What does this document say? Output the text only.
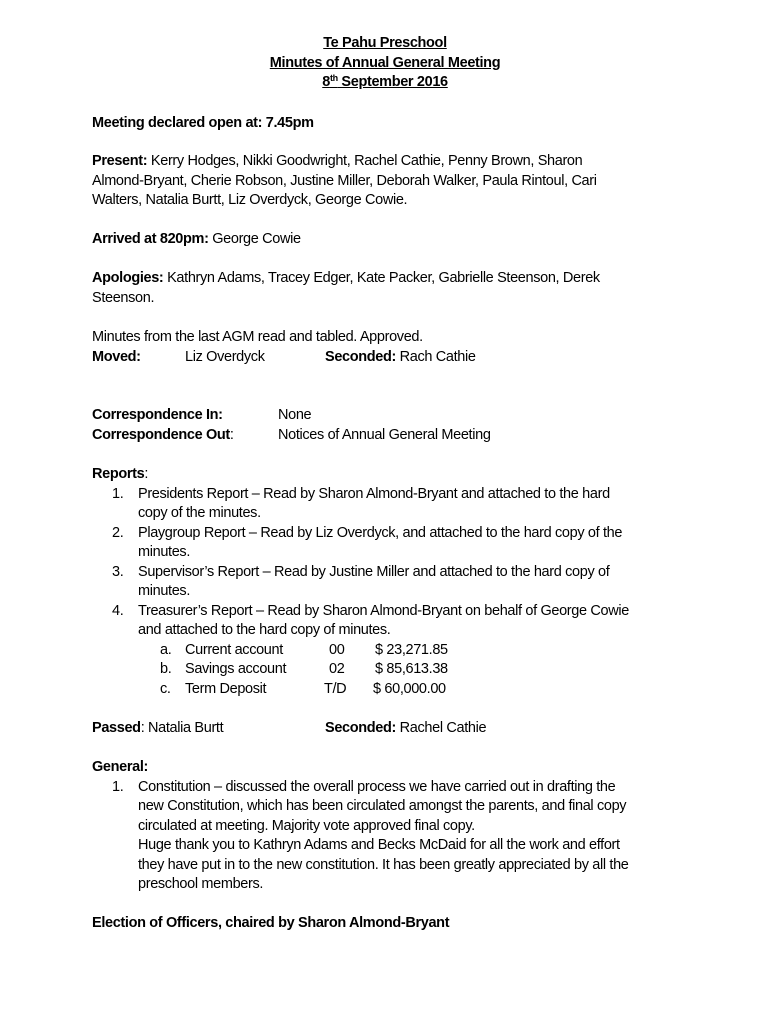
Te Pahu Preschool
Minutes of Annual General Meeting
8th September 2016
Meeting declared open at: 7.45pm
Present: Kerry Hodges, Nikki Goodwright, Rachel Cathie, Penny Brown, Sharon
Almond-Bryant, Cherie Robson, Justine Miller, Deborah Walker, Paula Rintoul, Cari
Walters, Natalia Burtt, Liz Overdyck, George Cowie.
Arrived at 820pm: George Cowie
Apologies: Kathryn Adams, Tracey Edger, Kate Packer, Gabrielle Steenson, Derek
Steenson.
Minutes from the last AGM read and tabled. Approved.
Moved:	Liz Overdyck	Seconded: Rach Cathie
Correspondence In:	None
Correspondence Out:	Notices of Annual General Meeting
Reports:
1. Presidents Report – Read by Sharon Almond-Bryant and attached to the hard
copy of the minutes.
2. Playgroup Report – Read by Liz Overdyck, and attached to the hard copy of the
minutes.
3. Supervisor’s Report – Read by Justine Miller and attached to the hard copy of
minutes.
4. Treasurer’s Report – Read by Sharon Almond-Bryant on behalf of George Cowie
and attached to the hard copy of minutes.
a. Current account	00 $ 23,271.85
b. Savings account	02 $ 85,613.38
c. Term Deposit	T/D $ 60,000.00
Passed: Natalia Burtt	Seconded: Rachel Cathie
General:
1. Constitution – discussed the overall process we have carried out in drafting the
new Constitution, which has been circulated amongst the parents, and final copy
circulated at meeting. Majority vote approved final copy.
Huge thank you to Kathryn Adams and Becks McDaid for all the work and effort
they have put in to the new constitution. It has been greatly appreciated by all the
preschool members.
Election of Officers, chaired by Sharon Almond-Bryant
